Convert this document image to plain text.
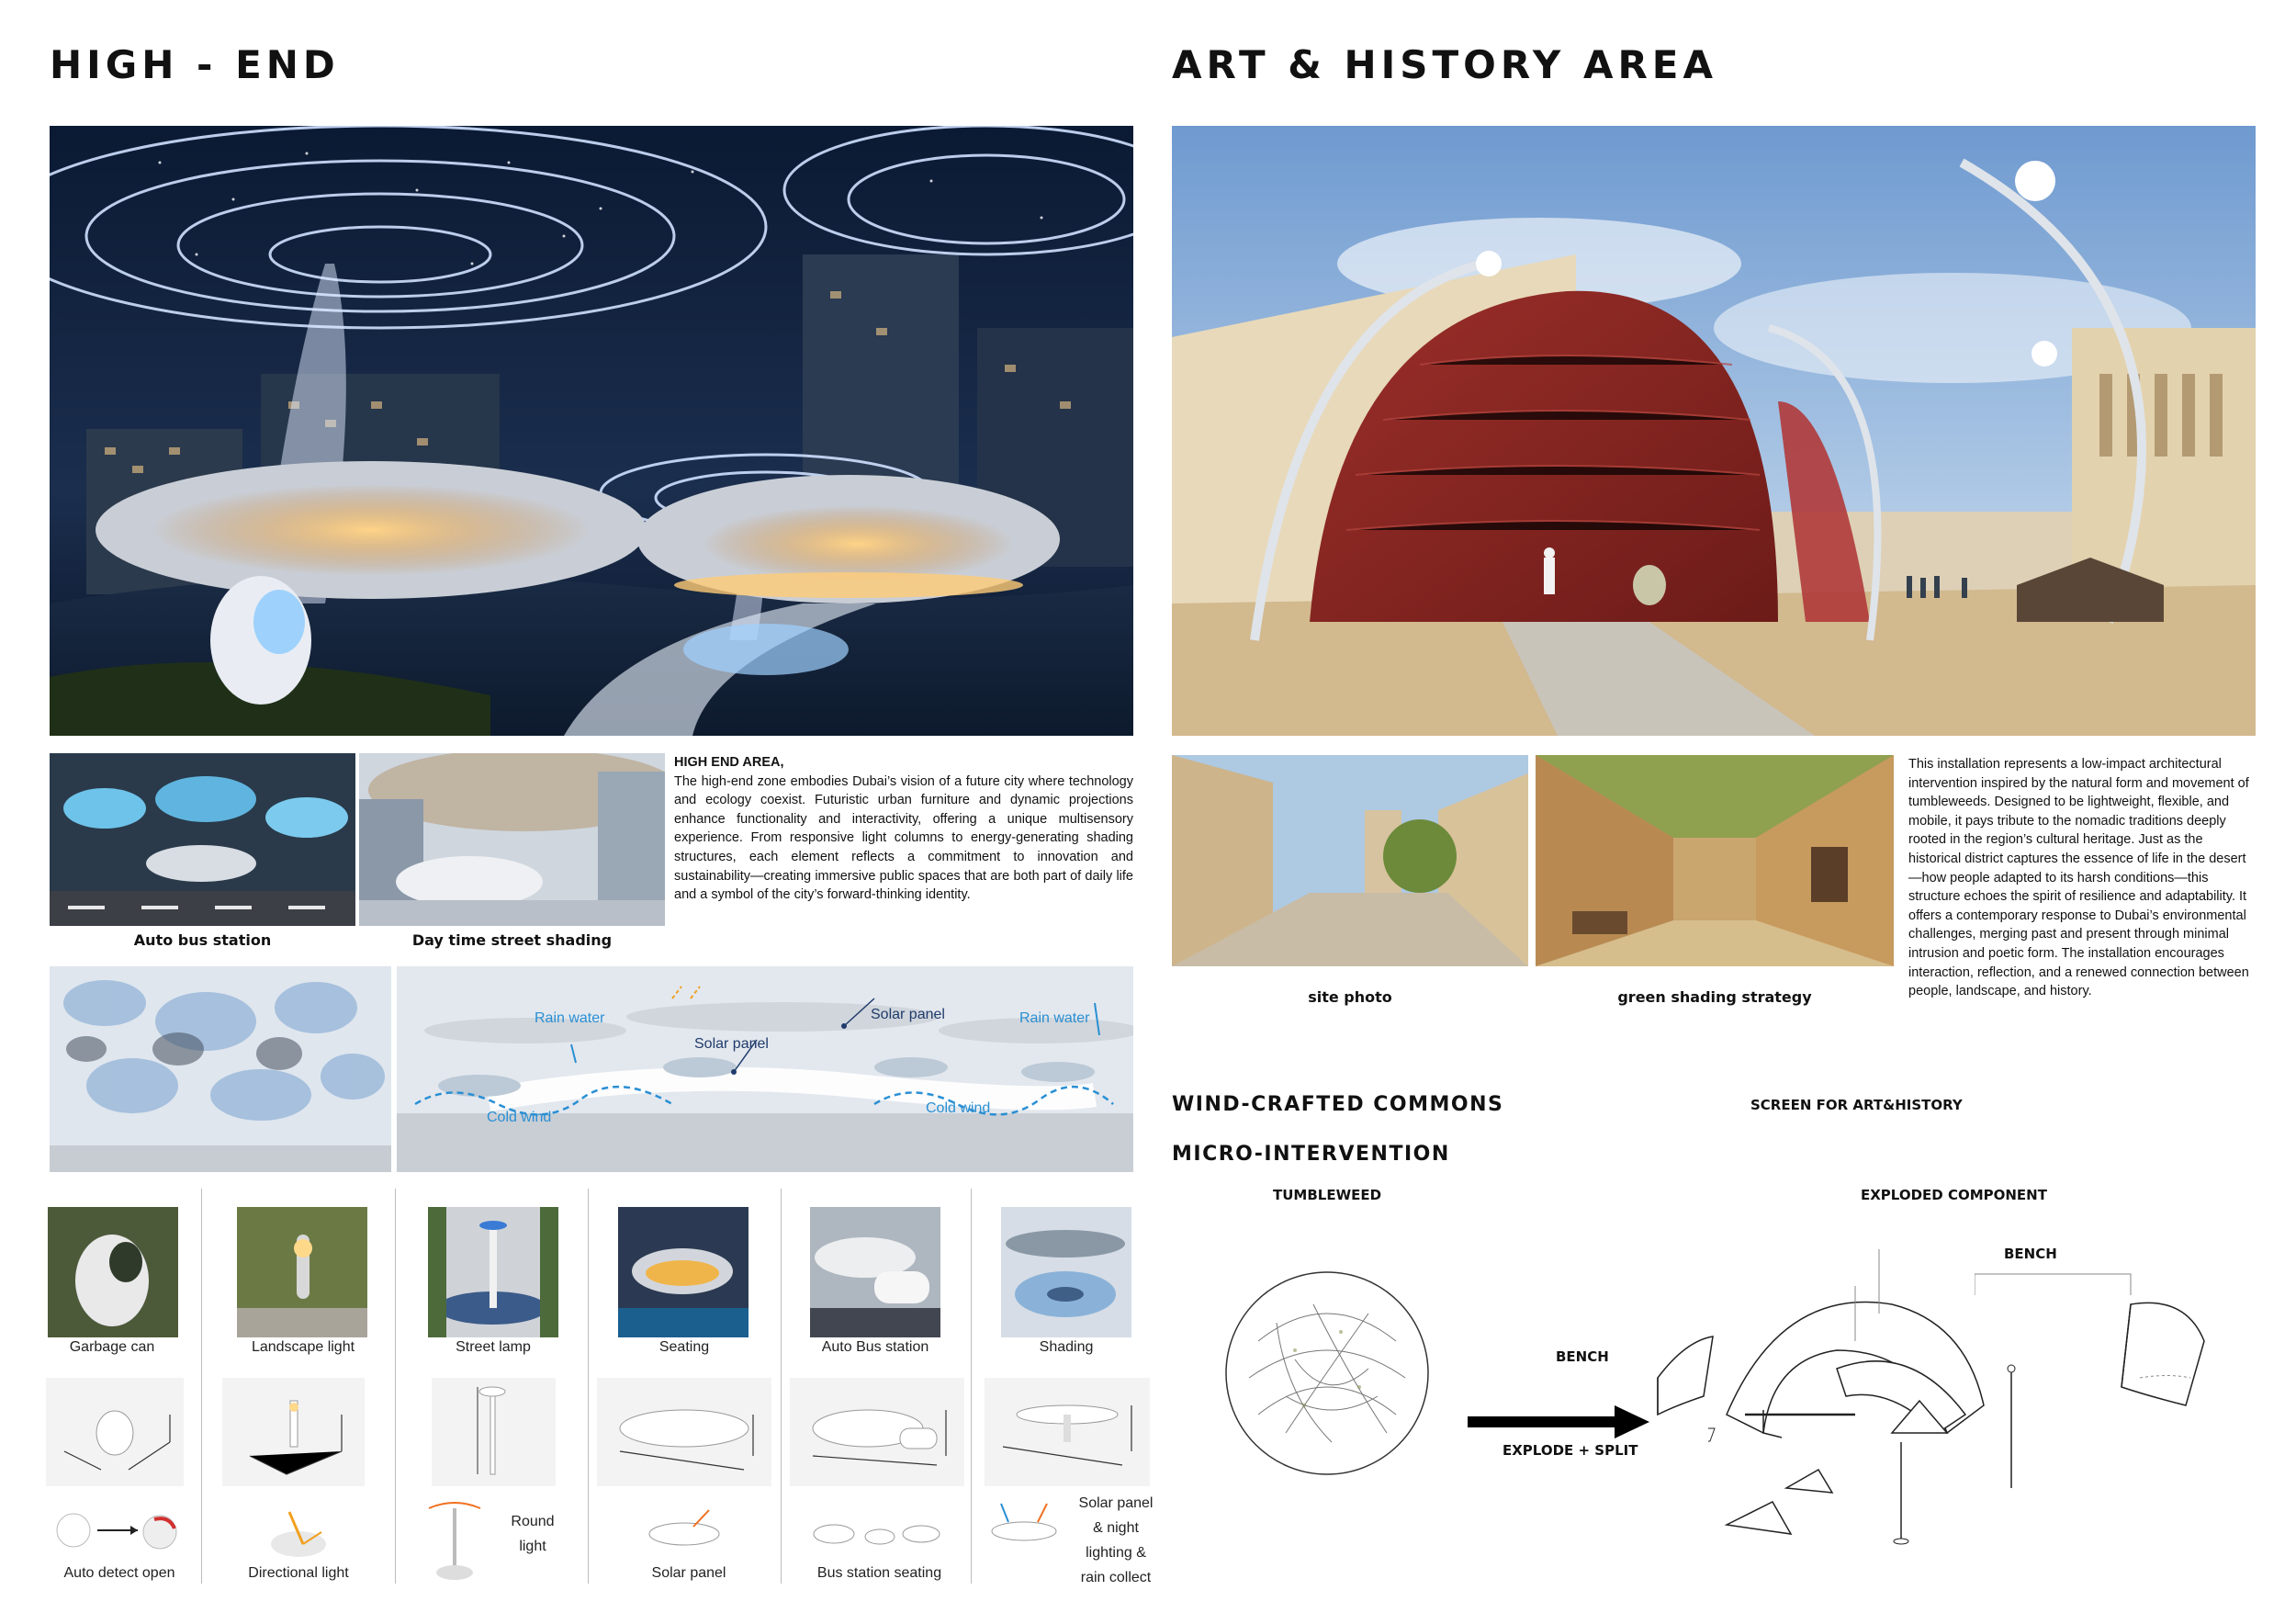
HIGH - END
Auto bus station	Day time street shading
HIGH END AREA,
The high-end zone embodies Dubai’s vision of a future city where technology and ecology coexist. Futuristic urban furniture and dynamic projections enhance functionality and interactivity, offering a unique multisensory experience. From responsive light columns to energy-generating shading structures, each element reflects a commitment to innovation and sustainability—creating immersive public spaces that are both part of daily life and a symbol of the city’s forward-thinking identity.
Rain water	Rain water
Solar panel
Solar panel
Cold wind
Cold wind
Garbage can	Landscape light	Street lamp	Seating	Auto Bus station	Shading
Auto detect open	Directional light
Round
light
Solar panel	Bus station seating
Solar panel
& night
lighting &
rain collect
ART & HISTORY AREA
site photo	green shading strategy
This installation represents a low-impact architectural intervention inspired by the natural form and movement of tumbleweeds. Designed to be lightweight, flexible, and mobile, it pays tribute to the nomadic traditions deeply rooted in the region’s cultural heritage. Just as the historical district captures the essence of life in the desert—how people adapted to its harsh conditions—this structure echoes the spirit of resilience and adaptability. It offers a contemporary response to Dubai’s environmental challenges, merging past and present through minimal intrusion and poetic form. The installation encourages interaction, reflection, and a renewed connection between people, landscape, and history.
WIND-CRAFTED COMMONS
MICRO-INTERVENTION
TUMBLEWEED
SCREEN FOR ART&HISTORY
EXPLODED COMPONENT
BENCH
BENCH
EXPLODE + SPLIT
